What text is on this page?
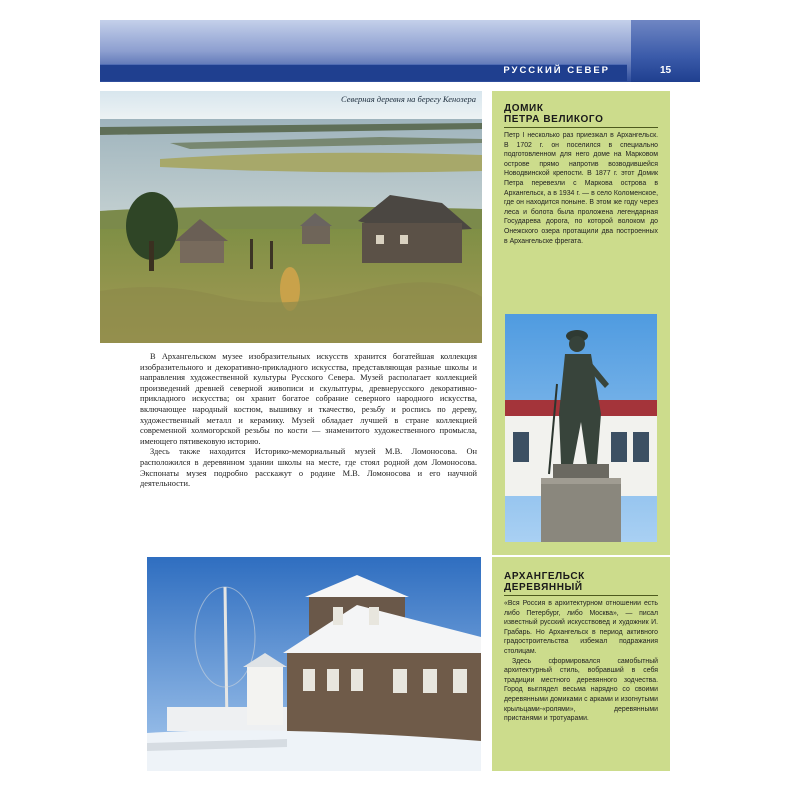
РУССКИЙ СЕВЕР	15
Северная деревня на берегу Кенозера
ДОМИК
ПЕТРА ВЕЛИКОГО

Петр I несколько раз приезжал в Архангельск. В 1702 г. он поселился в специально подготовленном для него доме на Марковом острове прямо напротив возводившейся Новодвинской крепости. В 1877 г. этот Домик Петра перевезли с Маркова острова в Архангельск, а в 1934 г. — в село Коломенское, где он находится поныне. В этом же году через леса и болота была проложена легендарная Государева дорога, по которой волоком до Онежского озера протащили два построенных в Архангельске фрегата.

В Архангельском музее изобразительных искусств хранится богатейшая коллекция изобразительного и декоративно-прикладного искусства, представляющая разные школы и направления художественной культуры Русского Севера. Музей располагает коллекцией произведений древней северной живописи и скульптуры, древнерусского декоративно-прикладного искусства; он хранит богатое собрание северного народного искусства, включающее народный костюм, вышивку и ткачество, резьбу и роспись по дереву, художественный металл и керамику. Музей обладает лучшей в стране коллекцией современной холмогорской резьбы по кости — знаменитого художественного промысла, имеющего пятивековую историю.

Здесь также находится Историко-мемориальный музей М.В. Ломоносова. Он расположился в деревянном здании школы на месте, где стоял родной дом Ломоносова. Экспонаты музея подробно расскажут о родине М.В. Ломоносова и его научной деятельности.

АРХАНГЕЛЬСК
ДЕРЕВЯННЫЙ

«Вся Россия в архитектурном отношении есть либо Петербург, либо Москва», — писал известный русский искусствовед и художник И. Грабарь. Но Архангельск в период активного градостроительства избежал подражания столицам.

Здесь сформировался самобытный архитектурный стиль, вобравший в себя традиции местного деревянного зодчества. Город выглядел весьма нарядно со своими деревянными домиками с арками и изогнутыми крыльцами-«ролями», деревянными пристанями и тротуарами.
